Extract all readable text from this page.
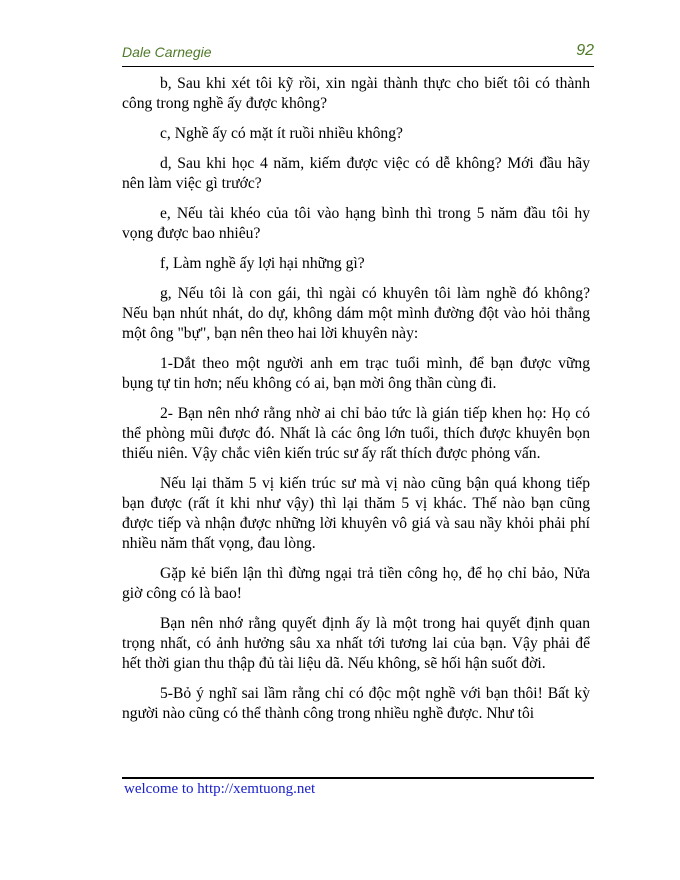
Dale Carnegie	92

b, Sau khi xét tôi kỹ rồi, xin ngài thành thực cho biết tôi có thành công trong nghề ấy được không?

c, Nghề ấy có mặt ít ruồi nhiều không?

d, Sau khi học 4 năm, kiếm được việc có dễ không? Mới đầu hãy nên làm việc gì trước?

e, Nếu tài khéo của tôi vào hạng bình thì trong 5 năm đầu tôi hy vọng được bao nhiêu?

f, Làm nghề ấy lợi hại những gì?

g, Nếu tôi là con gái, thì ngài có khuyên tôi làm nghề đó không? Nếu bạn nhút nhát, do dự, không dám một mình đường đột vào hỏi thẳng một ông "bự", bạn nên theo hai lời khuyên này:

1-Dắt theo một người anh em trạc tuổi mình, để bạn được vững bụng tự tin hơn; nếu không có ai, bạn mời ông thần cùng đi.

2- Bạn nên nhớ rằng nhờ ai chỉ bảo tức là gián tiếp khen họ: Họ có thể phòng mũi được đó. Nhất là các ông lớn tuổi, thích được khuyên bọn thiếu niên. Vậy chắc viên kiến trúc sư ấy rất thích được phỏng vấn.

Nếu lại thăm 5 vị kiến trúc sư mà vị nào cũng bận quá khong tiếp bạn được (rất ít khi như vậy) thì lại thăm 5 vị khác. Thế nào bạn cũng được tiếp và nhận được những lời khuyên vô giá và sau nầy khỏi phải phí nhiều năm thất vọng, đau lòng.

Gặp kẻ biển lận thì đừng ngại trả tiền công họ, để họ chỉ bảo, Nửa giờ công có là bao!

Bạn nên nhớ rằng quyết định ấy là một trong hai quyết định quan trọng nhất, có ảnh hưởng sâu xa nhất tới tương lai của bạn. Vậy phải để hết thời gian thu thập đủ tài liệu dã. Nếu không, sẽ hối hận suốt đời.

5-Bỏ ý nghĩ sai lầm rằng chỉ có độc một nghề với bạn thôi! Bất kỳ người nào cũng có thể thành công trong nhiều nghề được. Như tôi

welcome to http://xemtuong.net
